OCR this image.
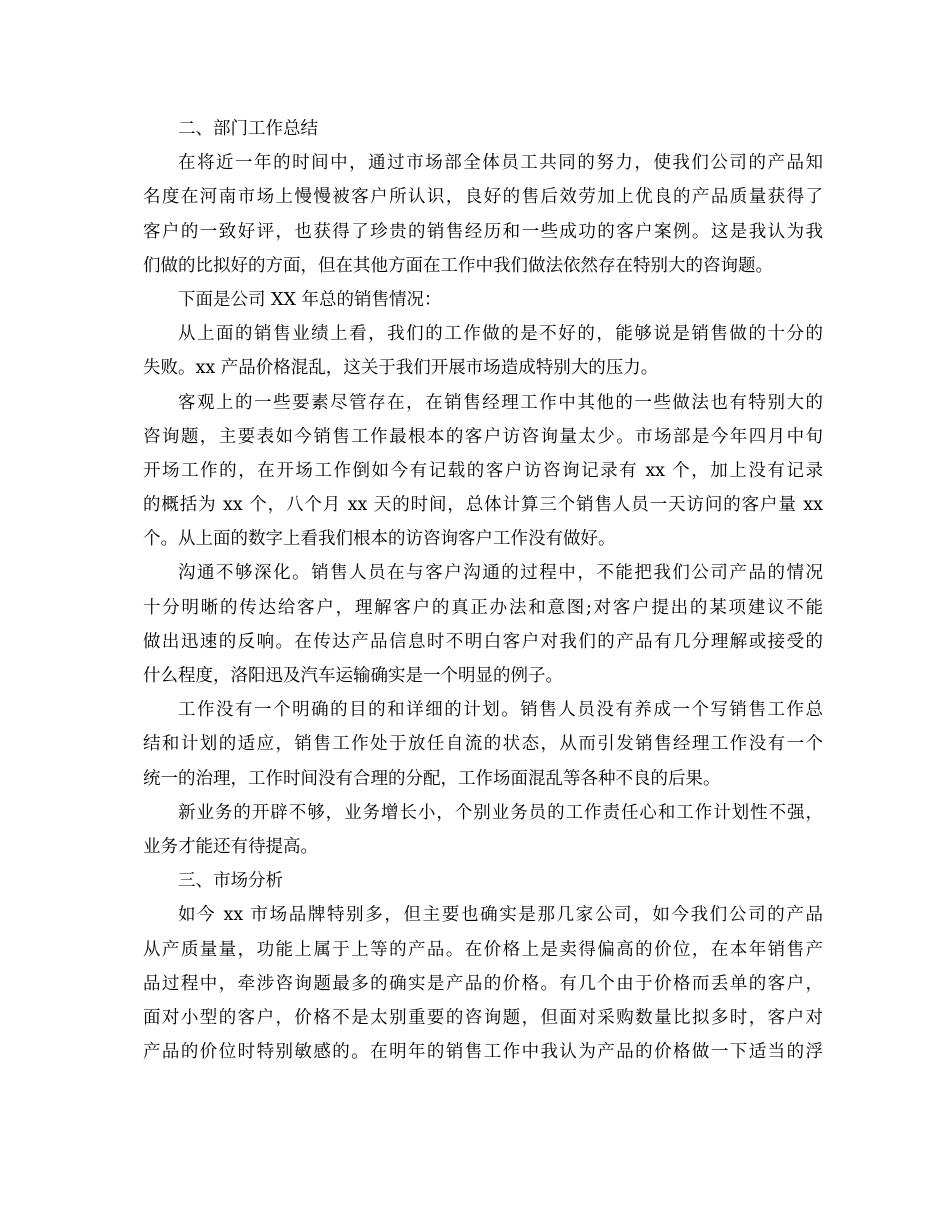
二、部门工作总结
在将近一年的时间中，通过市场部全体员工共同的努力，使我们公司的产品知
名度在河南市场上慢慢被客户所认识，良好的售后效劳加上优良的产品质量获得了
客户的一致好评，也获得了珍贵的销售经历和一些成功的客户案例。这是我认为我
们做的比拟好的方面，但在其他方面在工作中我们做法依然存在特别大的咨询题。
下面是公司 XX 年总的销售情况：
从上面的销售业绩上看，我们的工作做的是不好的，能够说是销售做的十分的
失败。xx 产品价格混乱，这关于我们开展市场造成特别大的压力。
客观上的一些要素尽管存在，在销售经理工作中其他的一些做法也有特别大的
咨询题，主要表如今销售工作最根本的客户访咨询量太少。市场部是今年四月中旬
开场工作的，在开场工作倒如今有记载的客户访咨询记录有 xx 个，加上没有记录
的概括为 xx 个，八个月 xx 天的时间，总体计算三个销售人员一天访问的客户量 xx
个。从上面的数字上看我们根本的访咨询客户工作没有做好。
沟通不够深化。销售人员在与客户沟通的过程中，不能把我们公司产品的情况
十分明晰的传达给客户，理解客户的真正办法和意图;对客户提出的某项建议不能
做出迅速的反响。在传达产品信息时不明白客户对我们的产品有几分理解或接受的
什么程度，洛阳迅及汽车运输确实是一个明显的例子。
工作没有一个明确的目的和详细的计划。销售人员没有养成一个写销售工作总
结和计划的适应，销售工作处于放任自流的状态，从而引发销售经理工作没有一个
统一的治理，工作时间没有合理的分配，工作场面混乱等各种不良的后果。
新业务的开辟不够，业务增长小，个别业务员的工作责任心和工作计划性不强，
业务才能还有待提高。
三、市场分析
如今 xx 市场品牌特别多，但主要也确实是那几家公司，如今我们公司的产品
从产质量量，功能上属于上等的产品。在价格上是卖得偏高的价位，在本年销售产
品过程中，牵涉咨询题最多的确实是产品的价格。有几个由于价格而丢单的客户，
面对小型的客户，价格不是太别重要的咨询题，但面对采购数量比拟多时，客户对
产品的价位时特别敏感的。在明年的销售工作中我认为产品的价格做一下适当的浮
